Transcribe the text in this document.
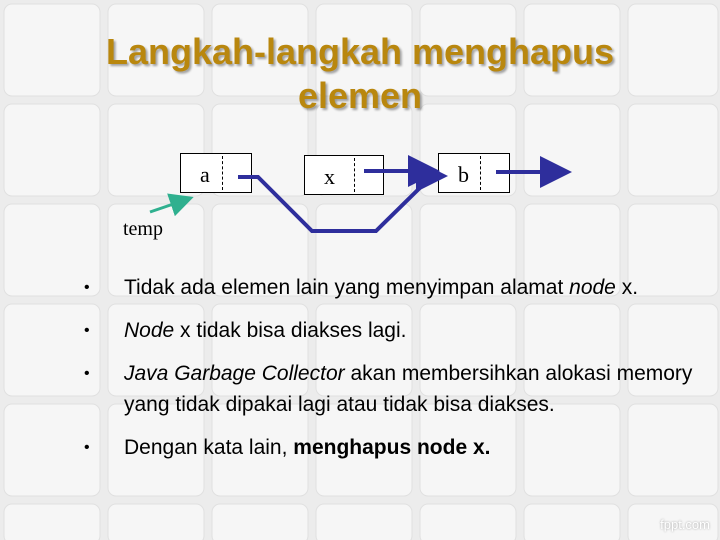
Langkah-langkah menghapus
elemen
a	x	b
temp
• Tidak ada elemen lain yang menyimpan alamat node x.
• Node x tidak bisa diakses lagi.
• Java Garbage Collector akan membersihkan alokasi memory yang tidak dipakai lagi atau tidak bisa diakses.
• Dengan kata lain, menghapus node x.
fppt.com
